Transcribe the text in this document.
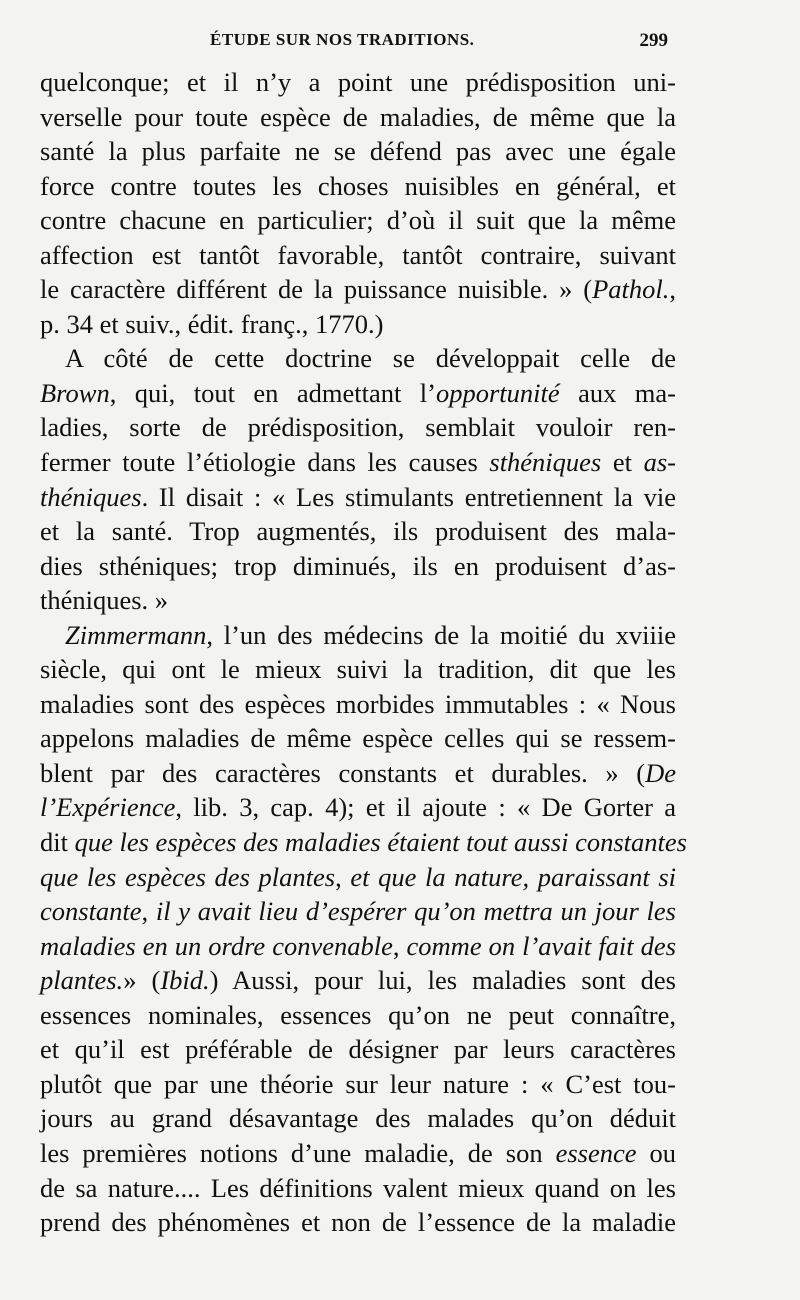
ÉTUDE SUR NOS TRADITIONS.	299
quelconque; et il n’y a point une prédisposition uni-
verselle pour toute espèce de maladies, de même que la
santé la plus parfaite ne se défend pas avec une égale
force contre toutes les choses nuisibles en général, et
contre chacune en particulier; d’où il suit que la même
affection est tantôt favorable, tantôt contraire, suivant
le caractère différent de la puissance nuisible. » (Pathol.,
p. 34 et suiv., édit. franç., 1770.)
A côté de cette doctrine se développait celle de
Brown, qui, tout en admettant l’opportunité aux ma-
ladies, sorte de prédisposition, semblait vouloir ren-
fermer toute l’étiologie dans les causes sthéniques et as-
théniques. Il disait : « Les stimulants entretiennent la vie
et la santé. Trop augmentés, ils produisent des mala-
dies sthéniques; trop diminués, ils en produisent d’as-
théniques. »
Zimmermann, l’un des médecins de la moitié du xviiie
siècle, qui ont le mieux suivi la tradition, dit que les
maladies sont des espèces morbides immutables : « Nous
appelons maladies de même espèce celles qui se ressem-
blent par des caractères constants et durables. » (De
l’Expérience, lib. 3, cap. 4); et il ajoute : « De Gorter a
dit que les espèces des maladies étaient tout aussi constantes
que les espèces des plantes, et que la nature, paraissant si
constante, il y avait lieu d’espérer qu’on mettra un jour les
maladies en un ordre convenable, comme on l’avait fait des
plantes.» (Ibid.) Aussi, pour lui, les maladies sont des
essences nominales, essences qu’on ne peut connaître,
et qu’il est préférable de désigner par leurs caractères
plutôt que par une théorie sur leur nature : « C’est tou-
jours au grand désavantage des malades qu’on déduit
les premières notions d’une maladie, de son essence ou
de sa nature.... Les définitions valent mieux quand on les
prend des phénomènes et non de l’essence de la maladie
